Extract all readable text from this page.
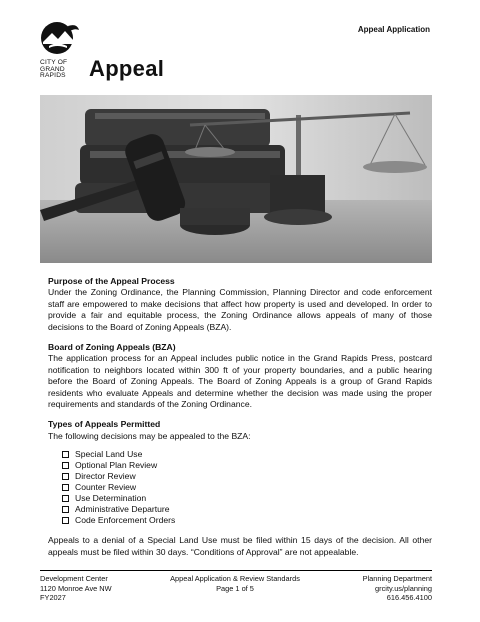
Appeal Application
CITY OF
GRAND
RAPIDS	Appeal
Purpose of the Appeal Process

Under the Zoning Ordinance, the Planning Commission, Planning Director and code enforcement staff are empowered to make decisions that affect how property is used and developed. In order to provide a fair and equitable process, the Zoning Ordinance allows appeals of many of those decisions to the Board of Zoning Appeals (BZA).

Board of Zoning Appeals (BZA)

The application process for an Appeal includes public notice in the Grand Rapids Press, postcard notification to neighbors located within 300 ft of your property boundaries, and a public hearing before the Board of Zoning Appeals. The Board of Zoning Appeals is a group of Grand Rapids residents who evaluate Appeals and determine whether the decision was made using the proper requirements and standards of the Zoning Ordinance.

Types of Appeals Permitted

The following decisions may be appealed to the BZA:

Special Land Use
Optional Plan Review
Director Review
Counter Review
Use Determination
Administrative Departure
Code Enforcement Orders

Appeals to a denial of a Special Land Use must be filed within 15 days of the decision. All other appeals must be filed within 30 days. “Conditions of Approval” are not appealable.

Development Center
1120 Monroe Ave NW
FY2027
Appeal Application & Review Standards
Page 1 of 5
Planning Department
grcity.us/planning
616.456.4100
